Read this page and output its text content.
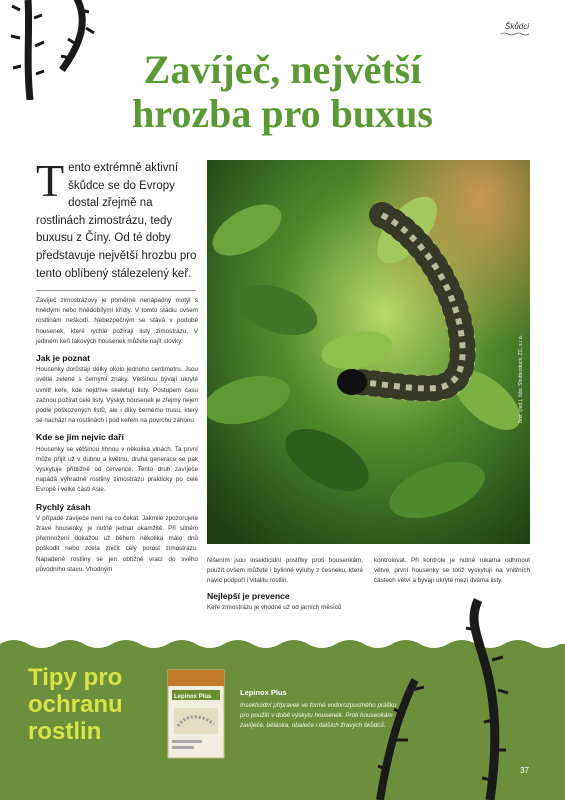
Škůdci
Zavíječ, největší
hrozba pro buxus
Tento extrémně aktivní škůdce se do Evropy dostal zřejmě na rostlinách zimostrázu, tedy buxusu z Číny. Od té doby představuje největší hrozbu pro tento oblíbený stálezelený keř.

Zavíječ zimostrázový je poměrně nenápadný motýl s hnědými nebo hnědobílými křídly. V tomto stádiu ovšem rostlinám neškodí. Nebezpečným se stává v podobě housenek, které rychle požírají listy zimostrázu. V jediném keři takových housenek můžete najít stovky.

Jak je poznat

Housenky dorůstají délky okolo jednoho centimetru. Jsou světlé zelené s černými znaky. Většinou bývají ukryté uvnitř keře, kde nejdříve skeletují listy. Postupem času začnou požírat celé listy. Výskyt housenek je zřejmý nejen podle poškozených listů, ale i díky černému trusu, který se nachází na rostlinách i pod keřem na povrchu záhonu.

Kde se jim nejvíc daří

Housenky se většinou líhnou v několika vlnách. Ta první může přijít už v dubnu a květnu, druhá generace se pak vyskytuje přibližně od července. Tento druh zavíječe napádá výhradně rostliny zimostrázu prakticky po celé Evropě i velké části Asie.

Rychlý zásah

V případě zavíječe není na co čekat. Jakmile zpozorujete žravé housenky, je nutné jednat okamžitě. Při silném přemnožení dokážou už během několika málo dnů poškodit nebo zcela zničit celý porost zimostrázu. Napadené rostliny se jen obtížně vrací do svého původního stavu. Vhodným

Text: (red.), foto: Shutterstock, ZC, s.r.o.

řešením jsou insekticidní postřiky proti housenkám, použít ovšem můžete i bylinné výluhy z česneku, které navíc podpoří i vitalitu rostlin.

Nejlepší je prevence

Keře zimostrázu je vhodné už od jarních měsíců

kontrolovat. Při kontrole je nutné rukama odhrnout větve, první housenky se totiž vyskytují na vnitřních částech větví a bývají ukryté mezi dvěma listy.

Tipy pro ochranu rostlin
Lepinox Plus	Lepinox Plus
Insekticidní přípravek ve formě vodorozpustného prášku pro použití v době výskytu housenek. Proti housenkám zavíječe, běláska, obaleče i dalších žravých škůdců.
37
